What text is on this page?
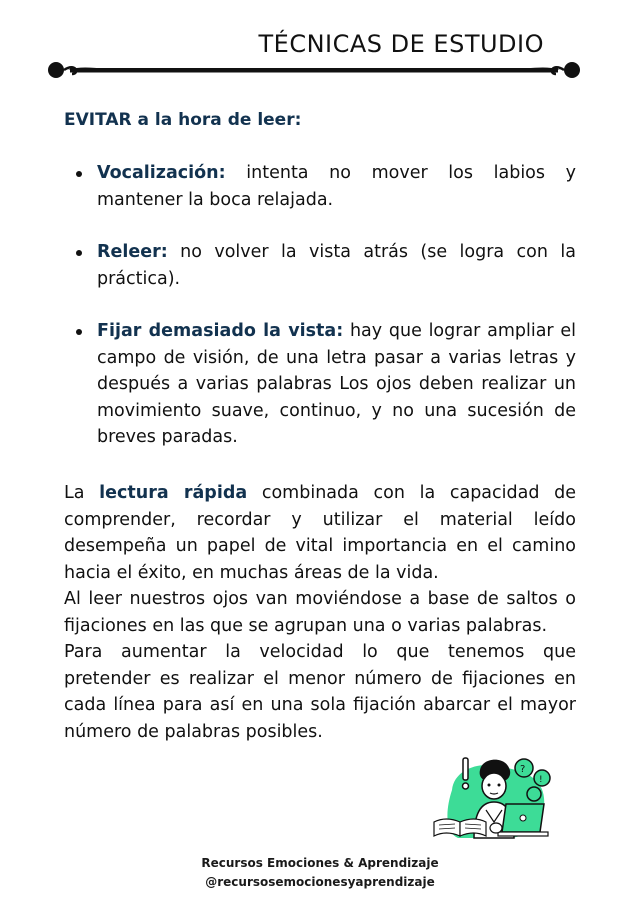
TÉCNICAS DE ESTUDIO
EVITAR a la hora de leer:
Vocalización: intenta no mover los labios y mantener la boca relajada.
Releer: no volver la vista atrás (se logra con la práctica).
Fijar demasiado la vista: hay que lograr ampliar el campo de visión, de una letra pasar a varias letras y después a varias palabras Los ojos deben realizar un movimiento suave, continuo, y no una sucesión de breves paradas.

La lectura rápida combinada con la capacidad de comprender, recordar y utilizar el material leído desempeña un papel de vital importancia en el camino hacia el éxito, en muchas áreas de la vida.

Al leer nuestros ojos van moviéndose a base de saltos o fijaciones en las que se agrupan una o varias palabras.

Para aumentar la velocidad lo que tenemos que pretender es realizar el menor número de fijaciones en cada línea para así en una sola fijación abarcar el mayor número de palabras posibles.

?
!
Recursos Emociones & Aprendizaje
@recursosemocionesyaprendizaje
